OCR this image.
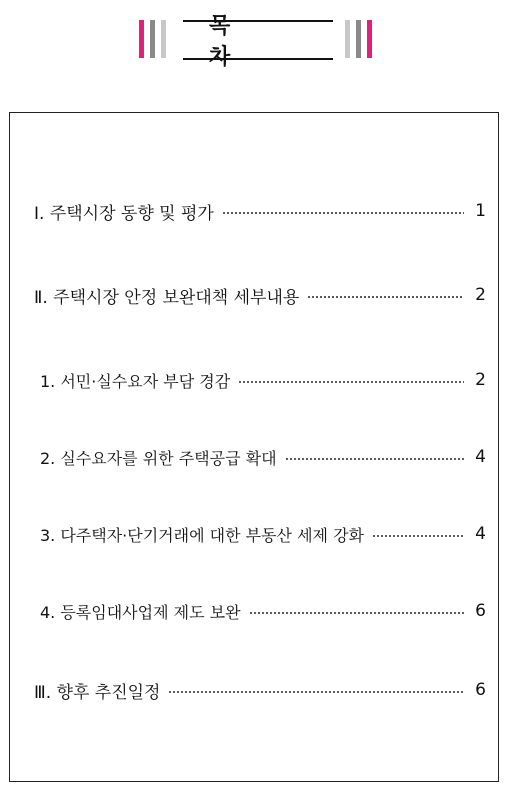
목 차
Ⅰ. 주택시장 동향 및 평가	1
Ⅱ. 주택시장 안정 보완대책 세부내용	2
1. 서민·실수요자 부담 경감	2
2. 실수요자를 위한 주택공급 확대	4
3. 다주택자·단기거래에 대한 부동산 세제 강화	4
4. 등록임대사업제 제도 보완	6
Ⅲ. 향후 추진일정	6
